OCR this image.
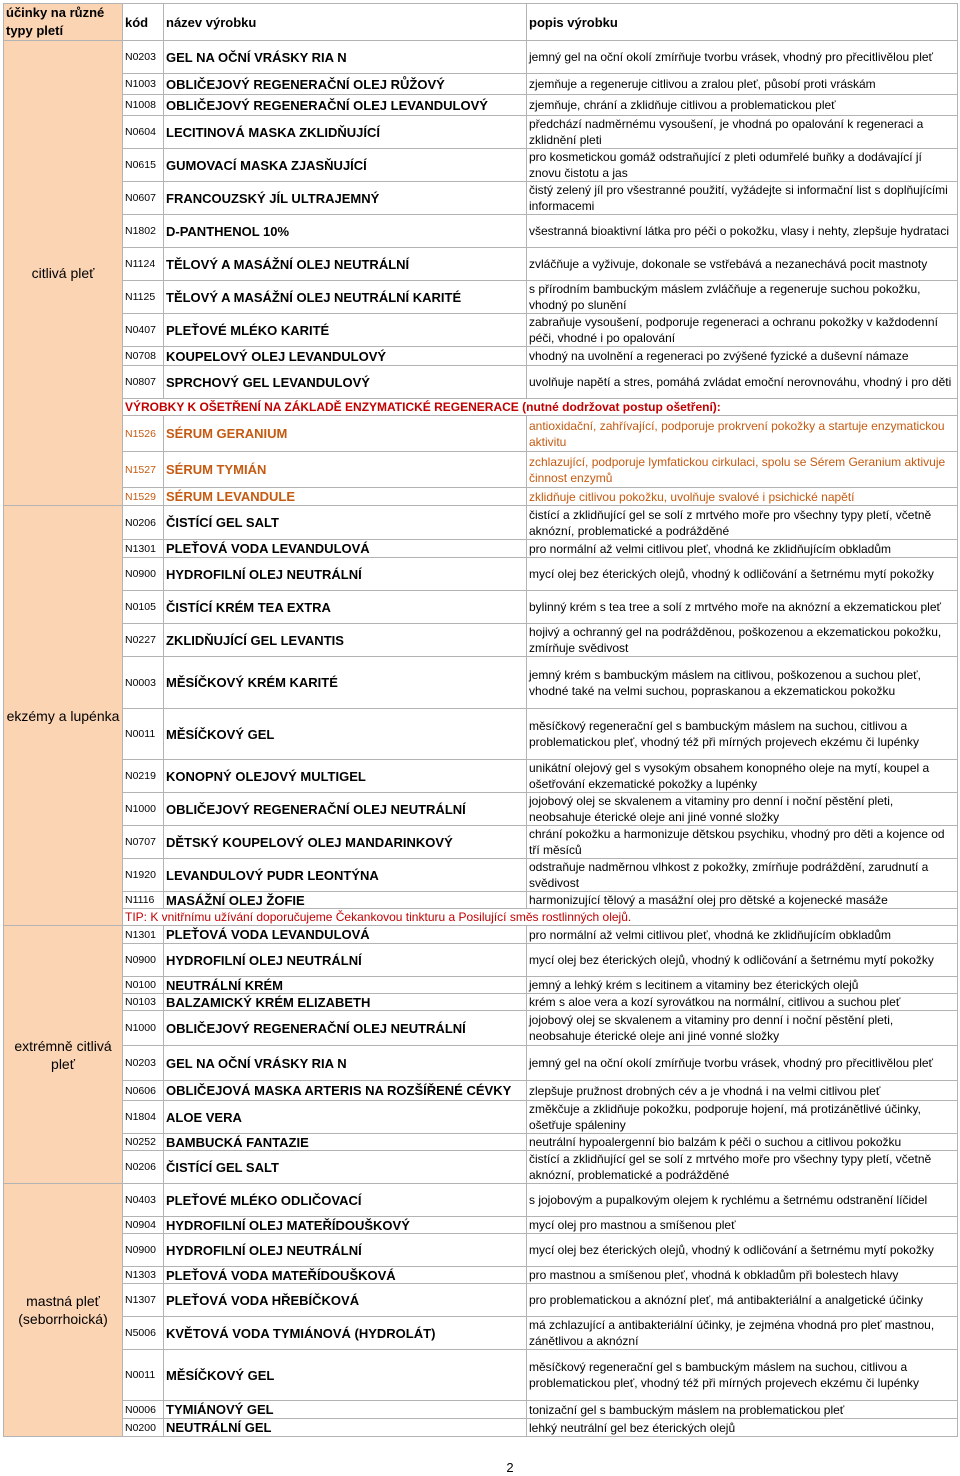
účinky na různé typy pletí	kód	název výrobku	popis výrobku
citlivá pleť	N0203	GEL NA OČNÍ VRÁSKY RIA N	jemný gel na oční okolí zmírňuje tvorbu vrásek, vhodný pro přecitlivělou pleť
	N1003	OBLIČEJOVÝ REGENERAČNÍ OLEJ RŮŽOVÝ	zjemňuje a regeneruje citlivou a zralou pleť, působí proti vráskám
	N1008	OBLIČEJOVÝ REGENERAČNÍ OLEJ LEVANDULOVÝ	zjemňuje, chrání a zklidňuje citlivou a problematickou pleť
	N0604	LECITINOVÁ MASKA ZKLIDŇUJÍCÍ	předchází nadměrnému vysoušení, je vhodná po opalování k regeneraci a zklidnění pleti
	N0615	GUMOVACÍ MASKA ZJASŇUJÍCÍ	pro kosmetickou gomáž odstraňující z pleti odumřelé buňky a dodávající jí znovu čistotu a jas
	N0607	FRANCOUZSKÝ JÍL ULTRAJEMNÝ	čistý zelený jíl pro všestranné použití, vyžádejte si informační list s doplňujícími informacemi
	N1802	D-PANTHENOL 10%	všestranná bioaktivní látka pro péči o pokožku, vlasy i nehty, zlepšuje hydrataci
	N1124	TĚLOVÝ A MASÁŽNÍ OLEJ NEUTRÁLNÍ	zvláčňuje a vyživuje, dokonale se vstřebává a nezanechává pocit mastnoty
	N1125	TĚLOVÝ A MASÁŽNÍ OLEJ NEUTRÁLNÍ KARITÉ	s přírodním bambuckým máslem zvláčňuje a regeneruje suchou pokožku, vhodný po slunění
	N0407	PLEŤOVÉ MLÉKO KARITÉ	zabraňuje vysoušení, podporuje regeneraci a ochranu pokožky v každodenní péči, vhodné i po opalování
	N0708	KOUPELOVÝ OLEJ LEVANDULOVÝ	vhodný na uvolnění a regeneraci po zvýšené fyzické a duševní námaze
	N0807	SPRCHOVÝ GEL LEVANDULOVÝ	uvolňuje napětí a stres, pomáhá zvládat emoční nerovnováhu, vhodný i pro děti
	VÝROBKY K OŠETŘENÍ NA ZÁKLADĚ ENZYMATICKÉ REGENERACE (nutné dodržovat postup ošetření):		
	N1526	SÉRUM GERANIUM	antioxidační, zahřívající, podporuje prokrvení pokožky a startuje enzymatickou aktivitu
	N1527	SÉRUM TYMIÁN	zchlazující, podporuje lymfatickou cirkulaci, spolu se Sérem Geranium aktivuje činnost enzymů
	N1529	SÉRUM LEVANDULE	zklidňuje citlivou pokožku, uvolňuje svalové i psichické napětí
ekzémy a lupénka	N0206	ČISTÍCÍ GEL SALT	čistící a zklidňující gel se solí z mrtvého moře pro všechny typy pletí, včetně aknózní, problematické a podrážděné
	N1301	PLEŤOVÁ VODA LEVANDULOVÁ	pro normální až velmi citlivou pleť, vhodná ke zklidňujícím obkladům
	N0900	HYDROFILNÍ OLEJ NEUTRÁLNÍ	mycí olej bez éterických olejů, vhodný k odličování a šetrnému mytí pokožky
	N0105	ČISTÍCÍ KRÉM TEA EXTRA	bylinný krém s tea tree a solí z mrtvého moře na aknózní a ekzematickou pleť
	N0227	ZKLIDŇUJÍCÍ GEL LEVANTIS	hojivý a ochranný gel na podrážděnou, poškozenou a ekzematickou pokožku, zmírňuje svědivost
	N0003	MĚSÍČKOVÝ KRÉM KARITÉ	jemný krém s bambuckým máslem na citlivou, poškozenou a suchou pleť, vhodné také na velmi suchou, popraskanou a ekzematickou pokožku
	N0011	MĚSÍČKOVÝ GEL	měsíčkový regenerační gel s bambuckým máslem na suchou, citlivou a problematickou pleť, vhodný též při mírných projevech ekzému či lupénky
	N0219	KONOPNÝ OLEJOVÝ MULTIGEL	unikátní olejový gel s vysokým obsahem konopného oleje na mytí, koupel a ošetřování ekzematické pokožky a lupénky
	N1000	OBLIČEJOVÝ REGENERAČNÍ OLEJ NEUTRÁLNÍ	jojobový olej se skvalenem a vitaminy pro denní i noční pěstění pleti, neobsahuje éterické oleje ani jiné vonné složky
	N0707	DĚTSKÝ KOUPELOVÝ OLEJ MANDARINKOVÝ	chrání pokožku a harmonizuje dětskou psychiku, vhodný pro děti a kojence od tří měsíců
	N1920	LEVANDULOVÝ PUDR LEONTÝNA	odstraňuje nadměrnou vlhkost z pokožky, zmírňuje podráždění, zarudnutí a svědivost
	N1116	MASÁŽNÍ OLEJ ŽOFIE	harmonizující tělový a masážní olej pro dětské a kojenecké masáže
	TIP: K vnitřnímu užívání doporučujeme Čekankovou tinkturu a Posilující směs rostlinných olejů.		
extrémně citlivá pleť	N1301	PLEŤOVÁ VODA LEVANDULOVÁ	pro normální až velmi citlivou pleť, vhodná ke zklidňujícím obkladům
	N0900	HYDROFILNÍ OLEJ NEUTRÁLNÍ	mycí olej bez éterických olejů, vhodný k odličování a šetrnému mytí pokožky
	N0100	NEUTRÁLNÍ KRÉM	jemný a lehký krém s lecitinem a vitaminy bez éterických olejů
	N0103	BALZAMICKÝ KRÉM ELIZABETH	krém s aloe vera a kozí syrovátkou na normální, citlivou a suchou pleť
	N1000	OBLIČEJOVÝ REGENERAČNÍ OLEJ NEUTRÁLNÍ	jojobový olej se skvalenem a vitaminy pro denní i noční pěstění pleti, neobsahuje éterické oleje ani jiné vonné složky
	N0203	GEL NA OČNÍ VRÁSKY RIA N	jemný gel na oční okolí zmírňuje tvorbu vrásek, vhodný pro přecitlivělou pleť
	N0606	OBLIČEJOVÁ MASKA ARTERIS NA ROZŠÍŘENÉ CÉVKY	zlepšuje pružnost drobných cév a je vhodná i na velmi citlivou pleť
	N1804	ALOE VERA	změkčuje a zklidňuje pokožku, podporuje hojení, má protizánětlivé účinky, ošetřuje spáleniny
	N0252	BAMBUCKÁ FANTAZIE	neutrální hypoalergenní bio balzám k péči o suchou a citlivou pokožku
	N0206	ČISTÍCÍ GEL SALT	čistící a zklidňující gel se solí z mrtvého moře pro všechny typy pletí, včetně aknózní, problematické a podrážděné
mastná pleť (seborrhoická)	N0403	PLEŤOVÉ MLÉKO ODLIČOVACÍ	s jojobovým a pupalkovým olejem k rychlému a šetrnému odstranění líčidel
	N0904	HYDROFILNÍ OLEJ MATEŘÍDOUŠKOVÝ	mycí olej pro mastnou a smíšenou pleť
	N0900	HYDROFILNÍ OLEJ NEUTRÁLNÍ	mycí olej bez éterických olejů, vhodný k odličování a šetrnému mytí pokožky
	N1303	PLEŤOVÁ VODA MATEŘÍDOUŠKOVÁ	pro mastnou a smíšenou pleť, vhodná k obkladům při bolestech hlavy
	N1307	PLEŤOVÁ VODA HŘEBÍČKOVÁ	pro problematickou a aknózní pleť, má antibakteriální a analgetické účinky
	N5006	KVĚTOVÁ VODA TYMIÁNOVÁ (HYDROLÁT)	má zchlazující a antibakteriální účinky, je zejména vhodná pro pleť mastnou, zánětlivou a aknózní
	N0011	MĚSÍČKOVÝ GEL	měsíčkový regenerační gel s bambuckým máslem na suchou, citlivou a problematickou pleť, vhodný též při mírných projevech ekzému či lupénky
	N0006	TYMIÁNOVÝ GEL	tonizační gel s bambuckým máslem na problematickou pleť
	N0200	NEUTRÁLNÍ GEL	lehký neutrální gel bez éterických olejů
2
